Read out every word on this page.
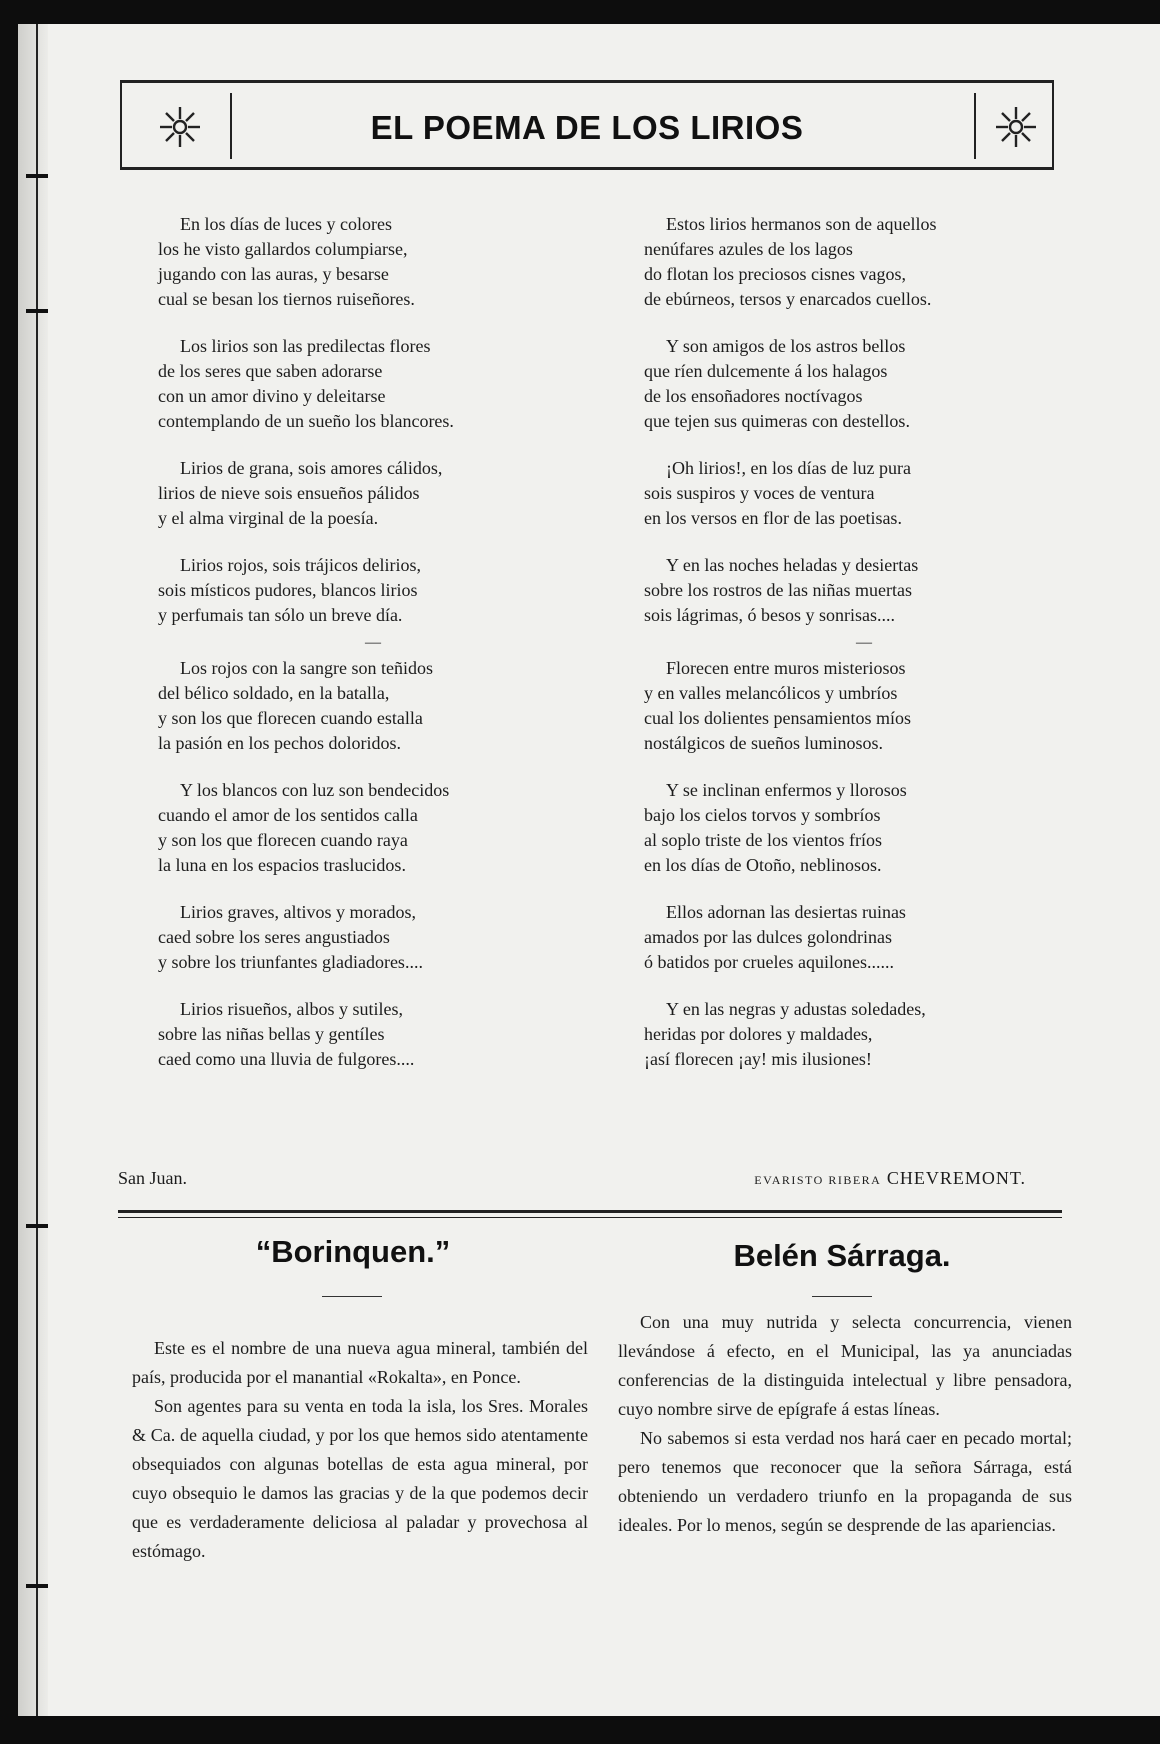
EL POEMA DE LOS LIRIOS
En los días de luces y colores
los he visto gallardos columpiarse,
jugando con las auras, y besarse
cual se besan los tiernos ruiseñores.
Los lirios son las predilectas flores
de los seres que saben adorarse
con un amor divino y deleitarse
contemplando de un sueño los blancores.
Lirios de grana, sois amores cálidos,
lirios de nieve sois ensueños pálidos
y el alma virginal de la poesía.
Lirios rojos, sois trájicos delirios,
sois místicos pudores, blancos lirios
y perfumais tan sólo un breve día.
—
Los rojos con la sangre son teñidos
del bélico soldado, en la batalla,
y son los que florecen cuando estalla
la pasión en los pechos doloridos.
Y los blancos con luz son bendecidos
cuando el amor de los sentidos calla
y son los que florecen cuando raya
la luna en los espacios traslucidos.
Lirios graves, altivos y morados,
caed sobre los seres angustiados
y sobre los triunfantes gladiadores....
Lirios risueños, albos y sutiles,
sobre las niñas bellas y gentíles
caed como una lluvia de fulgores....
Estos lirios hermanos son de aquellos
nenúfares azules de los lagos
do flotan los preciosos cisnes vagos,
de ebúrneos, tersos y enarcados cuellos.
Y son amigos de los astros bellos
que ríen dulcemente á los halagos
de los ensoñadores noctívagos
que tejen sus quimeras con destellos.
¡Oh lirios!, en los días de luz pura
sois suspiros y voces de ventura
en los versos en flor de las poetisas.
Y en las noches heladas y desiertas
sobre los rostros de las niñas muertas
sois lágrimas, ó besos y sonrisas....
—
Florecen entre muros misteriosos
y en valles melancólicos y umbríos
cual los dolientes pensamientos míos
nostálgicos de sueños luminosos.
Y se inclinan enfermos y llorosos
bajo los cielos torvos y sombríos
al soplo triste de los vientos fríos
en los días de Otoño, neblinosos.
Ellos adornan las desiertas ruinas
amados por las dulces golondrinas
ó batidos por crueles aquilones......
Y en las negras y adustas soledades,
heridas por dolores y maldades,
¡así florecen ¡ay! mis ilusiones!
San Juan.	EVARISTO RIBERA CHEVREMONT.
“Borinquen.”

Este es el nombre de una nueva agua mineral, también del país, producida por el manantial «Rokalta», en Ponce.

Son agentes para su venta en toda la isla, los Sres. Morales & Ca. de aquella ciudad, y por los que hemos sido atentamente obsequiados con algunas botellas de esta agua mineral, por cuyo obsequio le damos las gracias y de la que podemos decir que es verdaderamente deliciosa al paladar y provechosa al estómago.

Belén Sárraga.

Con una muy nutrida y selecta concurrencia, vienen llevándose á efecto, en el Municipal, las ya anunciadas conferencias de la distinguida intelectual y libre pensadora, cuyo nombre sirve de epígrafe á estas líneas.

No sabemos si esta verdad nos hará caer en pecado mortal; pero tenemos que reconocer que la señora Sárraga, está obteniendo un verdadero triunfo en la propaganda de sus ideales. Por lo menos, según se desprende de las apariencias.
